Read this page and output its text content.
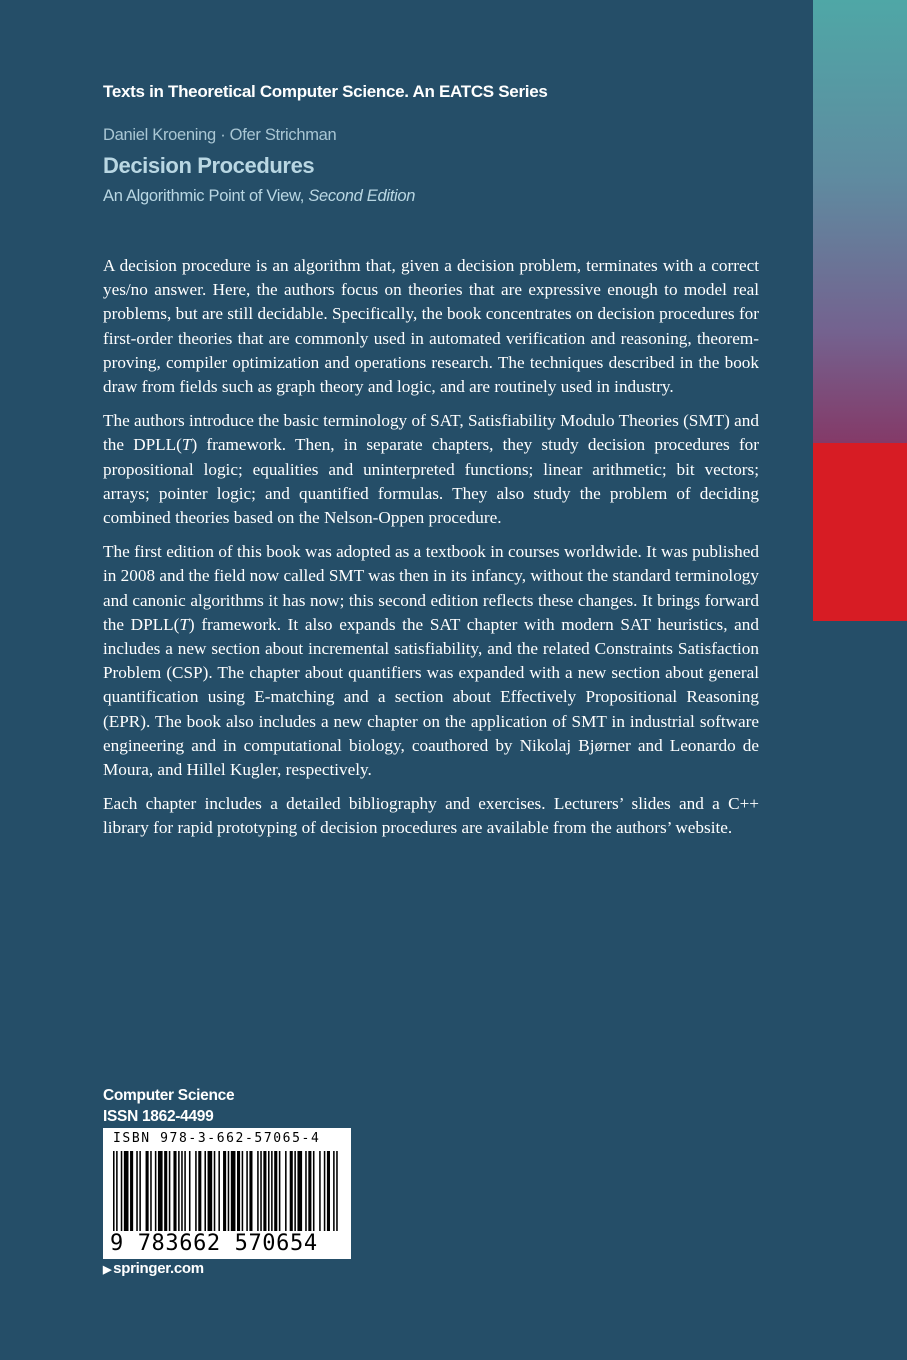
Texts in Theoretical Computer Science. An EATCS Series
Daniel Kroening · Ofer Strichman
Decision Procedures
An Algorithmic Point of View, Second Edition

A decision procedure is an algorithm that, given a decision problem, terminates with a correct yes/no answer. Here, the authors focus on theories that are expressive enough to model real problems, but are still decidable. Specifically, the book concentrates on decision procedures for first-order theories that are commonly used in automated verification and reasoning, theorem-proving, compiler optimization and operations research. The techniques described in the book draw from fields such as graph theory and logic, and are routinely used in industry.

The authors introduce the basic terminology of SAT, Satisfiability Modulo Theories (SMT) and the DPLL(T) framework. Then, in separate chapters, they study decision procedures for propositional logic; equalities and uninterpreted functions; linear arithmetic; bit vectors; arrays; pointer logic; and quantified formulas. They also study the problem of deciding combined theories based on the Nelson-Oppen procedure.

The first edition of this book was adopted as a textbook in courses worldwide. It was published in 2008 and the field now called SMT was then in its infancy, without the standard terminology and canonic algorithms it has now; this second edition reflects these changes. It brings forward the DPLL(T) framework. It also expands the SAT chapter with modern SAT heuristics, and includes a new section about incremental satisfiability, and the related Constraints Satisfaction Problem (CSP). The chapter about quantifiers was expanded with a new section about general quantification using E-matching and a section about Effectively Propositional Reasoning (EPR). The book also includes a new chapter on the application of SMT in industrial software engineering and in computational biology, coauthored by Nikolaj Bjørner and Leonardo de Moura, and Hillel Kugler, respectively.

Each chapter includes a detailed bibliography and exercises. Lecturers’ slides and a C++ library for rapid prototyping of decision procedures are available from the authors’ website.

Computer Science
ISSN 1862-4499
ISBN 978-3-662-57065-4
9 783662 570654
▶ springer.com
